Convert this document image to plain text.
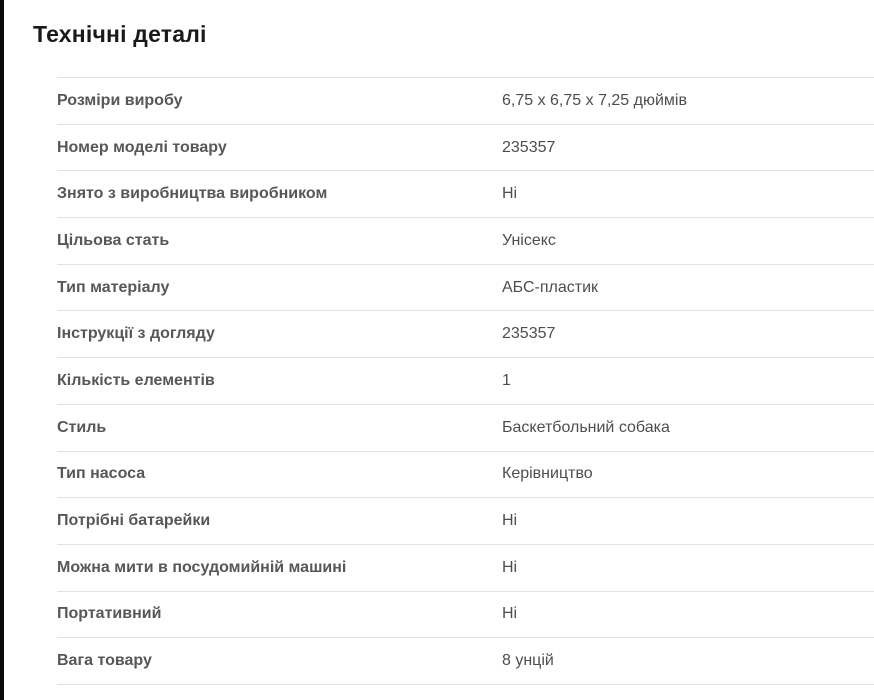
Технічні деталі
Розміри виробу	6,75 x 6,75 x 7,25 дюймів
Номер моделі товару	235357
Знято з виробництва виробником	Ні
Цільова стать	Унісекс
Тип матеріалу	АБС-пластик
Інструкції з догляду	235357
Кількість елементів	1
Стиль	Баскетбольний собака
Тип насоса	Керівництво
Потрібні батарейки	Ні
Можна мити в посудомийній машині	Ні
Портативний	Ні
Вага товару	8 унцій
